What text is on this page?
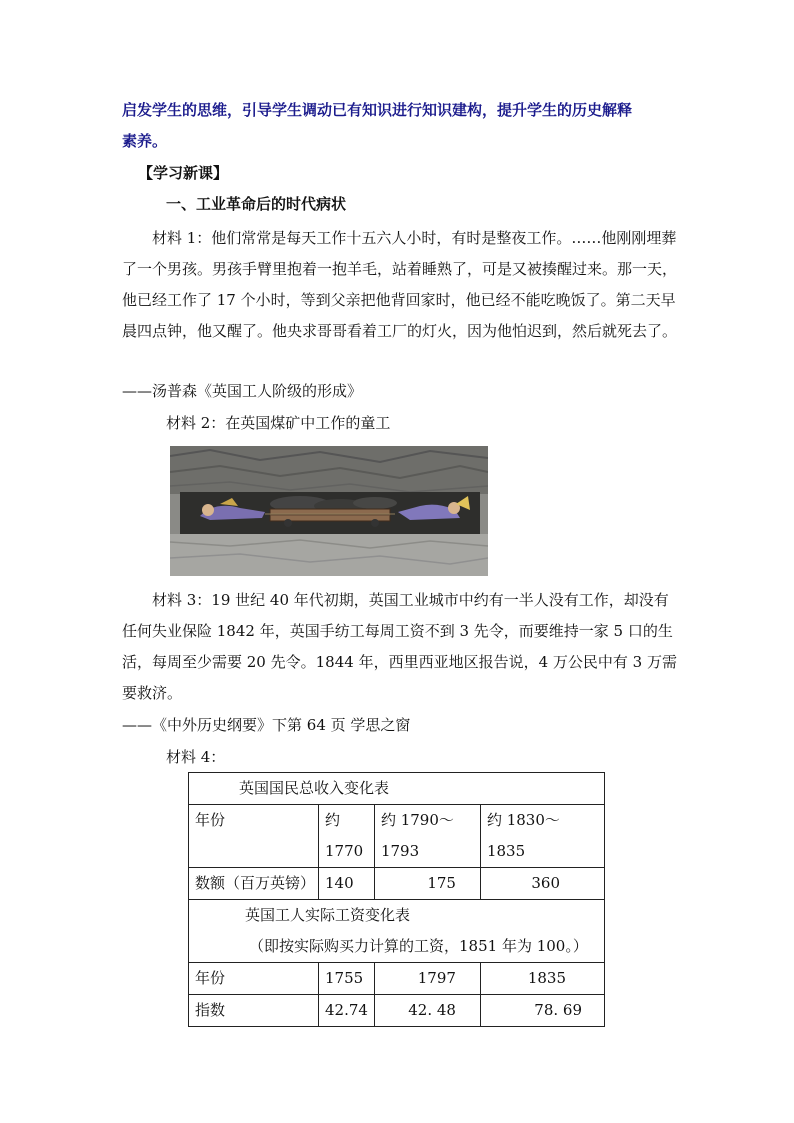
启发学生的思维，引导学生调动已有知识进行知识建构，提升学生的历史解释
素养。
【学习新课】
一、工业革命后的时代病状
材料 1：他们常常是每天工作十五六人小时，有时是整夜工作。……他刚刚埋葬了一个男孩。男孩手臂里抱着一抱羊毛，站着睡熟了，可是又被揍醒过来。那一天，他已经工作了 17 个小时，等到父亲把他背回家时，他已经不能吃晚饭了。第二天早晨四点钟，他又醒了。他央求哥哥看着工厂的灯火，因为他怕迟到，然后就死去了。
——汤普森《英国工人阶级的形成》
材料 2：在英国煤矿中工作的童工
材料 3：19 世纪 40 年代初期，英国工业城市中约有一半人没有工作，却没有任何失业保险 1842 年，英国手纺工每周工资不到 3 先令，而要维持一家 5 口的生活，每周至少需要 20 先令。1844 年，西里西亚地区报告说，4 万公民中有 3 万需要救济。
——《中外历史纲要》下第 64 页 学思之窗
材料 4：
英国国民总收入变化表			
年份	约 1770	约 1790～ 1793	约 1830～1835
数额（百万英镑）	140	175	360

英国工人实际工资变化表
（即按实际购买力计算的工资，1851 年为 100。）			

年份	1755	1797	1835
指数	42.74	42. 48	78. 69
